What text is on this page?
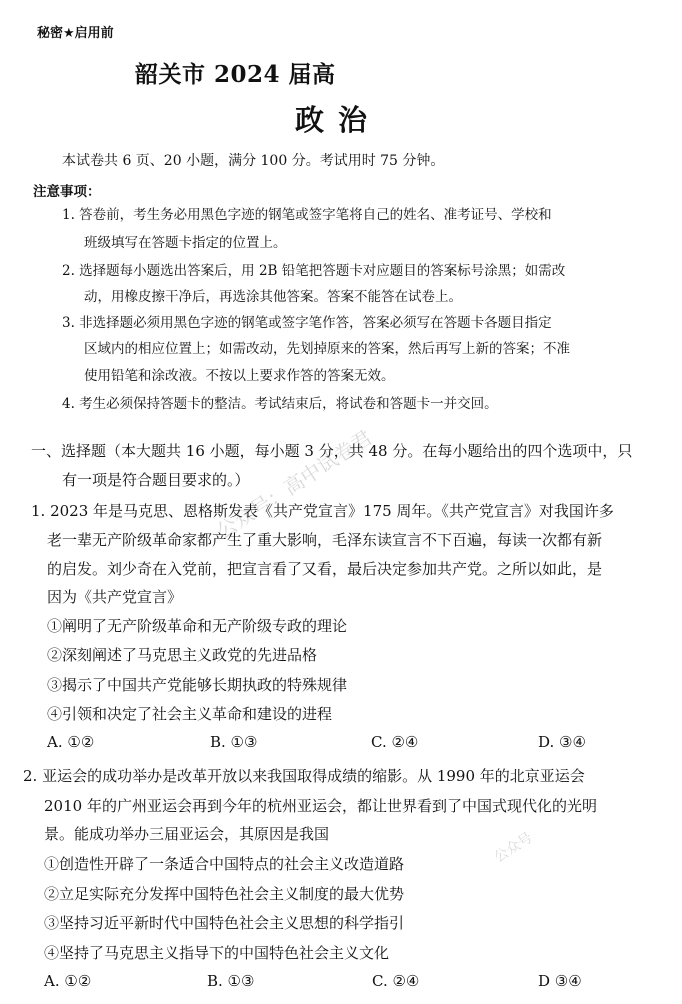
秘密★启用前
韶关市 2024 届高
政治
本试卷共 6 页、20 小题，满分 100 分。考试用时 75 分钟。
注意事项：
1. 答卷前，考生务必用黑色字迹的钢笔或签字笔将自己的姓名、准考证号、学校和
班级填写在答题卡指定的位置上。
2. 选择题每小题选出答案后，用 2B 铅笔把答题卡对应题目的答案标号涂黑；如需改
动，用橡皮擦干净后，再选涂其他答案。答案不能答在试卷上。
3. 非选择题必须用黑色字迹的钢笔或签字笔作答，答案必须写在答题卡各题目指定
区域内的相应位置上；如需改动，先划掉原来的答案，然后再写上新的答案；不准
使用铅笔和涂改液。不按以上要求作答的答案无效。
4. 考生必须保持答题卡的整洁。考试结束后，将试卷和答题卡一并交回。
一、选择题（本大题共 16 小题，每小题 3 分，共 48 分。在每小题给出的四个选项中，只
有一项是符合题目要求的。）
1. 2023 年是马克思、恩格斯发表《共产党宣言》175 周年。《共产党宣言》对我国许多
老一辈无产阶级革命家都产生了重大影响，毛泽东读宣言不下百遍，每读一次都有新
的启发。刘少奇在入党前，把宣言看了又看，最后决定参加共产党。之所以如此，是
因为《共产党宣言》
①阐明了无产阶级革命和无产阶级专政的理论
②深刻阐述了马克思主义政党的先进品格
③揭示了中国共产党能够长期执政的特殊规律
④引领和决定了社会主义革命和建设的进程
A. ①②	B. ①③	C. ②④	D. ③④
2. 亚运会的成功举办是改革开放以来我国取得成绩的缩影。从 1990 年的北京亚运会
2010 年的广州亚运会再到今年的杭州亚运会，都让世界看到了中国式现代化的光明
景。能成功举办三届亚运会，其原因是我国
①创造性开辟了一条适合中国特点的社会主义改造道路
②立足实际充分发挥中国特色社会主义制度的最大优势
③坚持习近平新时代中国特色社会主义思想的科学指引
④坚持了马克思主义指导下的中国特色社会主义文化
A. ①②	B. ①③	C. ②④	D ③④
公众号：高中试卷君
公众号
